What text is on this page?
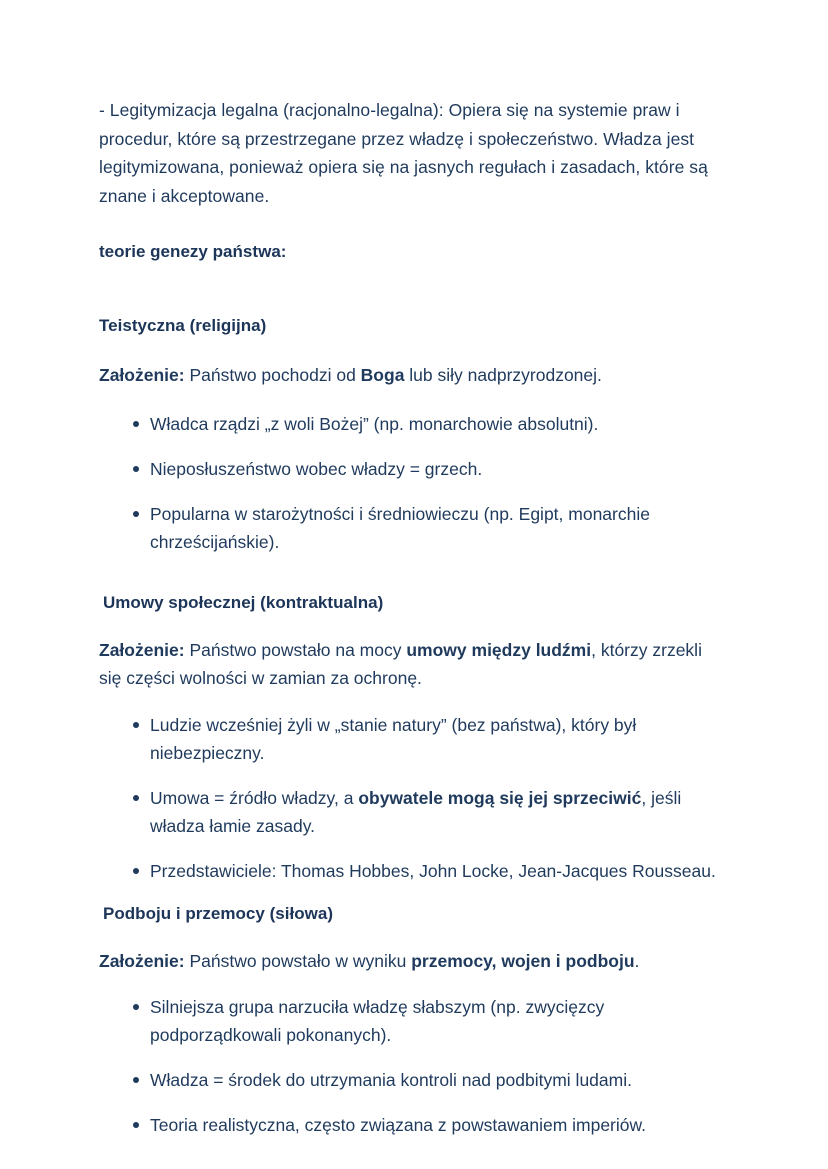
- Legitymizacja legalna (racjonalno-legalna): Opiera się na systemie praw i procedur, które są przestrzegane przez władzę i społeczeństwo. Władza jest legitymizowana, ponieważ opiera się na jasnych regułach i zasadach, które są znane i akceptowane.

teorie genezy państwa:

Teistyczna (religijna)

Założenie: Państwo pochodzi od Boga lub siły nadprzyrodzonej.

Władca rządzi „z woli Bożej” (np. monarchowie absolutni).
Nieposłuszeństwo wobec władzy = grzech.
Popularna w starożytności i średniowieczu (np. Egipt, monarchie chrześcijańskie).

Umowy społecznej (kontraktualna)

Założenie: Państwo powstało na mocy umowy między ludźmi, którzy zrzekli się części wolności w zamian za ochronę.

Ludzie wcześniej żyli w „stanie natury” (bez państwa), który był niebezpieczny.
Umowa = źródło władzy, a obywatele mogą się jej sprzeciwić, jeśli władza łamie zasady.
Przedstawiciele: Thomas Hobbes, John Locke, Jean-Jacques Rousseau.

Podboju i przemocy (siłowa)

Założenie: Państwo powstało w wyniku przemocy, wojen i podboju.

Silniejsza grupa narzuciła władzę słabszym (np. zwycięzcy podporządkowali pokonanych).
Władza = środek do utrzymania kontroli nad podbitymi ludami.
Teoria realistyczna, często związana z powstawaniem imperiów.
